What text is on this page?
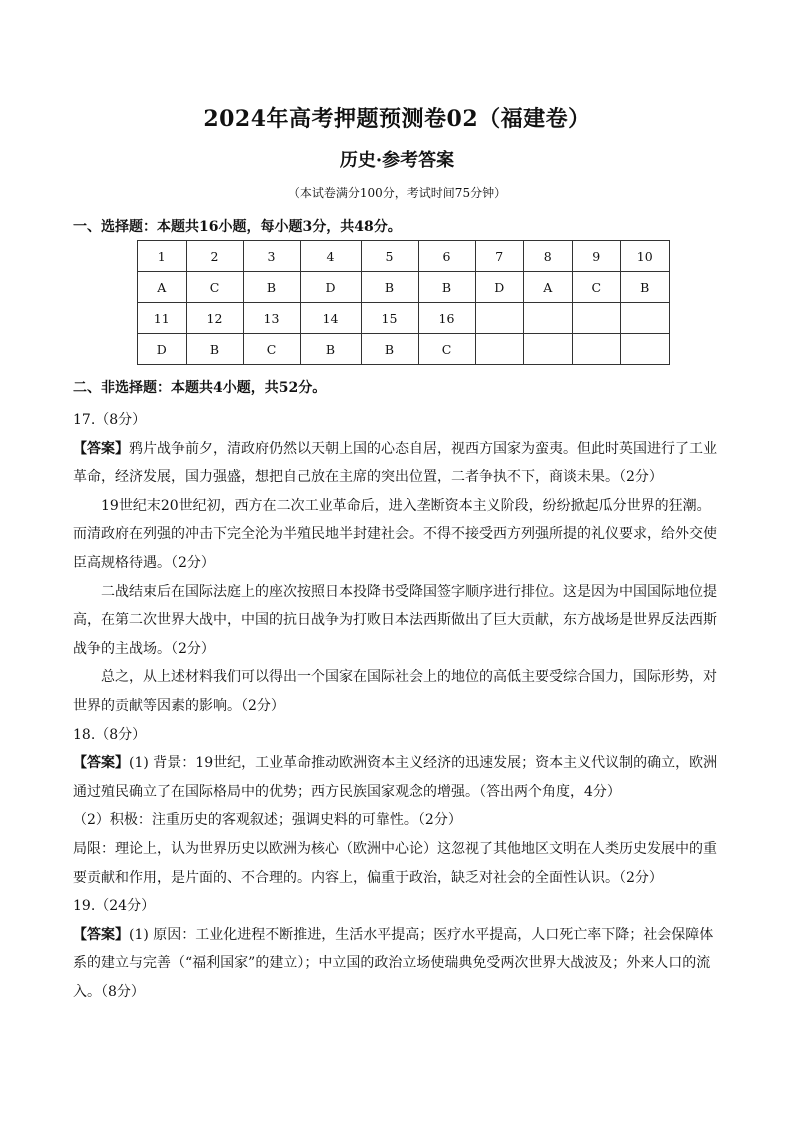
2024年高考押题预测卷02（福建卷）
历史·参考答案
（本试卷满分100分，考试时间75分钟）
一、选择题：本题共16小题，每小题3分，共48分。
1	2	3	4	5	6	7	8	9	10
A	C	B	D	B	B	D	A	C	B
11	12	13	14	15	16				
D	B	C	B	B	C				
二、非选择题：本题共4小题，共52分。

17.（8分）

【答案】鸦片战争前夕，清政府仍然以天朝上国的心态自居，视西方国家为蛮夷。但此时英国进行了工业革命，经济发展，国力强盛，想把自己放在主席的突出位置，二者争执不下，商谈未果。（2分）

19世纪末20世纪初，西方在二次工业革命后，进入垄断资本主义阶段，纷纷掀起瓜分世界的狂潮。而清政府在列强的冲击下完全沦为半殖民地半封建社会。不得不接受西方列强所提的礼仪要求，给外交使臣高规格待遇。（2分）

二战结束后在国际法庭上的座次按照日本投降书受降国签字顺序进行排位。这是因为中国国际地位提高，在第二次世界大战中，中国的抗日战争为打败日本法西斯做出了巨大贡献，东方战场是世界反法西斯战争的主战场。（2分）

总之，从上述材料我们可以得出一个国家在国际社会上的地位的高低主要受综合国力，国际形势，对世界的贡献等因素的影响。（2分）

18.（8分）

【答案】(1) 背景：19世纪，工业革命推动欧洲资本主义经济的迅速发展；资本主义代议制的确立，欧洲通过殖民确立了在国际格局中的优势；西方民族国家观念的增强。（答出两个角度，4分）

（2）积极：注重历史的客观叙述；强调史料的可靠性。（2分）

局限：理论上，认为世界历史以欧洲为核心（欧洲中心论）这忽视了其他地区文明在人类历史发展中的重要贡献和作用，是片面的、不合理的。内容上，偏重于政治，缺乏对社会的全面性认识。（2分）

19.（24分）

【答案】(1) 原因：工业化进程不断推进，生活水平提高；医疗水平提高，人口死亡率下降；社会保障体系的建立与完善（“福利国家”的建立）；中立国的政治立场使瑞典免受两次世界大战波及；外来人口的流入。（8分）
